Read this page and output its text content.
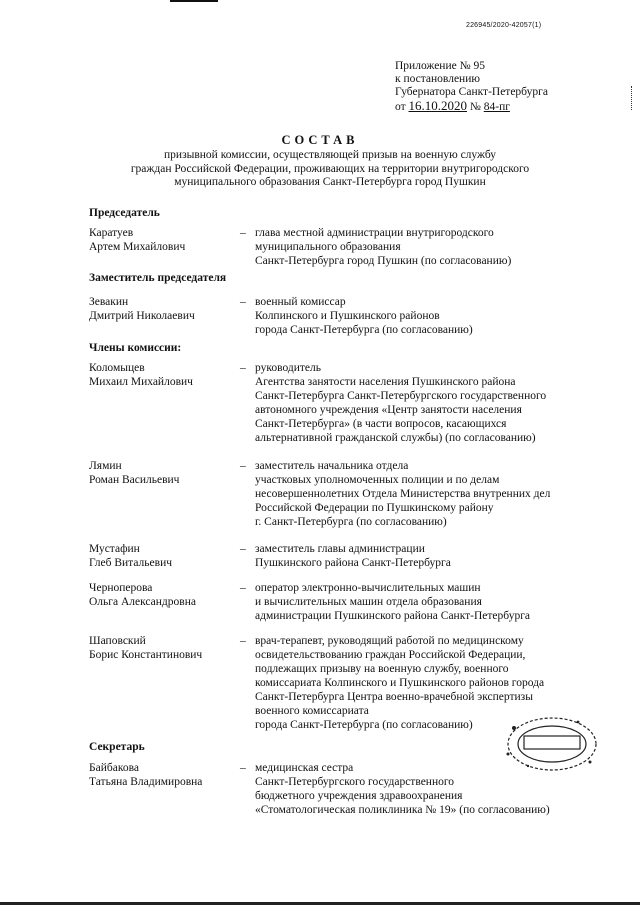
226945/2020-42057(1)
Приложение № 95
к постановлению
Губернатора Санкт-Петербурга
от 16.10.2020 № 84-пг
СОСТАВ
призывной комиссии, осуществляющей призыв на военную службу
граждан Российской Федерации, проживающих на территории внутригородского
муниципального образования Санкт-Петербурга город Пушкин
Председатель
Каратуев
Артем Михайлович
– глава местной администрации внутригородского
муниципального образования
Санкт-Петербурга город Пушкин (по согласованию)
Заместитель председателя
Зевакин
Дмитрий Николаевич
– военный комиссар
Колпинского и Пушкинского районов
города Санкт-Петербурга (по согласованию)
Члены комиссии:
Коломыцев
Михаил Михайлович
– руководитель
Агентства занятости населения Пушкинского района
Санкт-Петербурга Санкт-Петербургского государственного
автономного учреждения «Центр занятости населения
Санкт-Петербурга» (в части вопросов, касающихся
альтернативной гражданской службы) (по согласованию)
Лямин
Роман Васильевич
– заместитель начальника отдела
участковых уполномоченных полиции и по делам
несовершеннолетних Отдела Министерства внутренних дел
Российской Федерации по Пушкинскому району
г. Санкт-Петербурга (по согласованию)
Мустафин
Глеб Витальевич
– заместитель главы администрации
Пушкинского района Санкт-Петербурга
Черноперова
Ольга Александровна
– оператор электронно-вычислительных машин
и вычислительных машин отдела образования
администрации Пушкинского района Санкт-Петербурга
Шаповский
Борис Константинович
– врач-терапевт, руководящий работой по медицинскому
освидетельствованию граждан Российской Федерации,
подлежащих призыву на военную службу, военного
комиссариата Колпинского и Пушкинского районов города
Санкт-Петербурга Центра военно-врачебной экспертизы
военного комиссариата
города Санкт-Петербурга (по согласованию)
Секретарь
Байбакова
Татьяна Владимировна
– медицинская сестра
Санкт-Петербургского государственного
бюджетного учреждения здравоохранения
«Стоматологическая поликлиника № 19» (по согласованию)
